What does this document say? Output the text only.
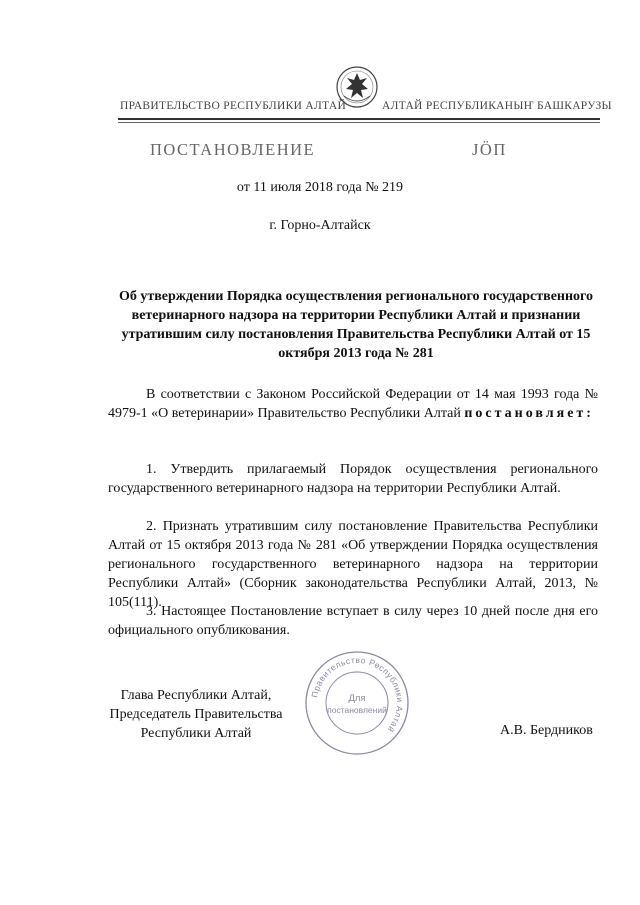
ПРАВИТЕЛЬСТВО РЕСПУБЛИКИ АЛТАЙ	АЛТАЙ РЕСПУБЛИКАНЫҤ БАШКАРУЗЫ
ПОСТАНОВЛЕНИЕ	ЈӦП
от 11 июля 2018 года № 219
г. Горно-Алтайск
Об утверждении Порядка осуществления регионального государственного ветеринарного надзора на территории Республики Алтай и признании утратившим силу постановления Правительства Республики Алтай от 15 октября 2013 года № 281
В соответствии с Законом Российской Федерации от 14 мая 1993 года № 4979-1 «О ветеринарии» Правительство Республики Алтай постановляет:
1. Утвердить прилагаемый Порядок осуществления регионального государственного ветеринарного надзора на территории Республики Алтай.
2. Признать утратившим силу постановление Правительства Республики Алтай от 15 октября 2013 года № 281 «Об утверждении Порядка осуществления регионального государственного ветеринарного надзора на территории Республики Алтай» (Сборник законодательства Республики Алтай, 2013, № 105(111).
3. Настоящее Постановление вступает в силу через 10 дней после дня его официального опубликования.
Глава Республики Алтай,
Председатель Правительства
Республики Алтай	А.В. Бердников
Правительство Республики Алтай
Для
постановлений
